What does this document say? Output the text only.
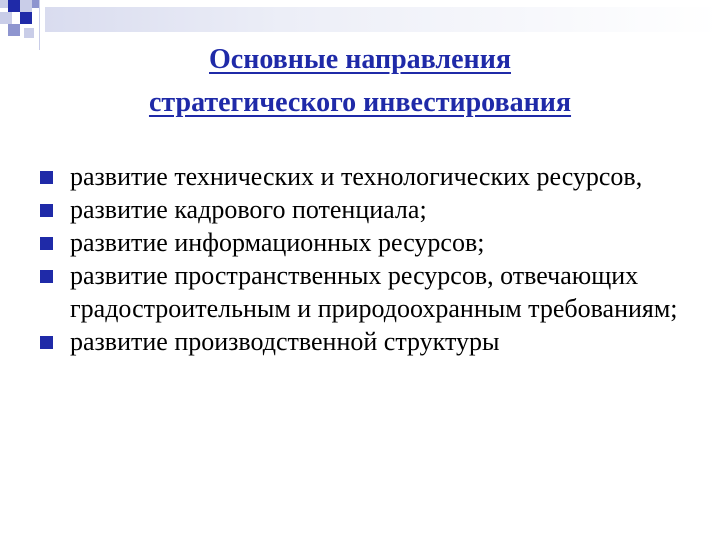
Основные направления
стратегического инвестирования
развитие технических и технологических ресурсов,
развитие кадрового потенциала;
развитие информационных ресурсов;
развитие пространственных ресурсов, отвечающих градостроительным и природоохранным требованиям;
развитие производственной структуры
